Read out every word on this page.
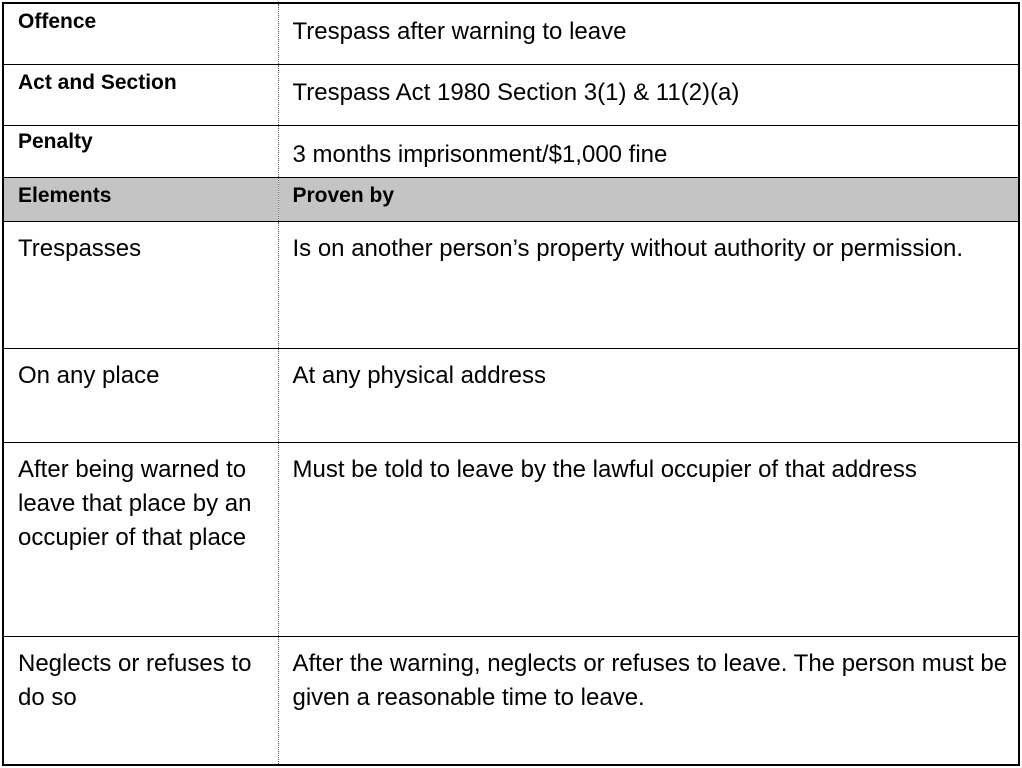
Offence	Trespass after warning to leave

Act and Section	Trespass Act 1980 Section 3(1) & 11(2)(a)

Penalty	3 months imprisonment/$1,000 fine

Elements	Proven by

Trespasses	Is on another person’s property without authority or permission.

On any place	At any physical address

After being warned to leave that place by an occupier of that place	Must be told to leave by the lawful occupier of that address

Neglects or refuses to do so	After the warning, neglects or refuses to leave. The person must be given a reasonable time to leave.
